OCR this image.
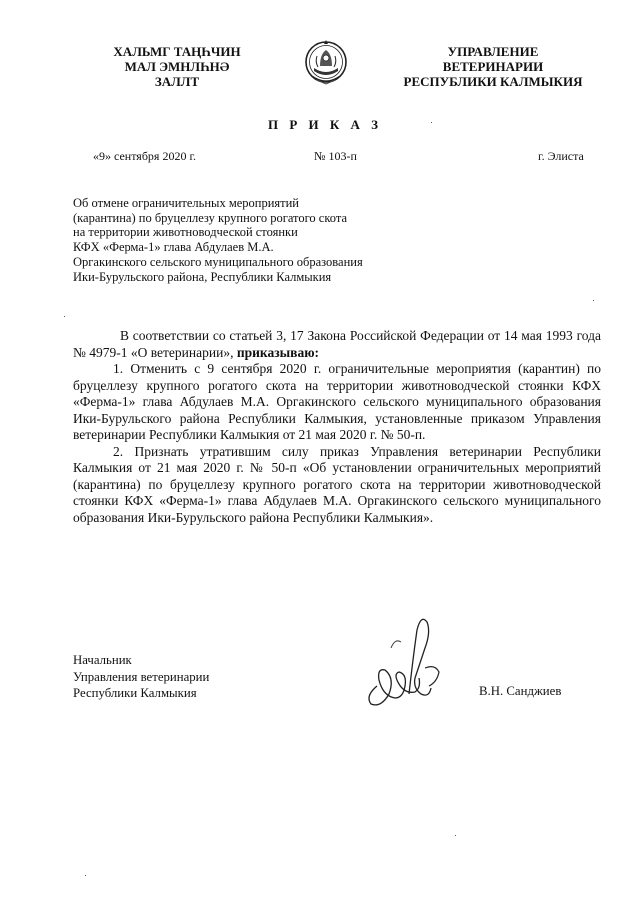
ХАЛЬМГ ТАҢҺЧИН
МАЛ ЭМНЛҺНӘ
ЗАЛЛТ
УПРАВЛЕНИЕ
ВЕТЕРИНАРИИ
РЕСПУБЛИКИ КАЛМЫКИЯ
П Р И К А З
«9» сентября 2020 г.	№ 103-п	г. Элиста
Об отмене ограничительных мероприятий
(карантина) по бруцеллезу крупного рогатого скота
на территории животноводческой стоянки
КФХ «Ферма-1» глава Абдулаев М.А.
Оргакинского сельского муниципального образования
Ики-Бурульского района, Республики Калмыкия

В соответствии со статьей 3, 17 Закона Российской Федерации от 14 мая 1993 года № 4979-1 «О ветеринарии», приказываю:

1. Отменить с 9 сентября 2020 г. ограничительные мероприятия (карантин) по бруцеллезу крупного рогатого скота на территории животноводческой стоянки КФХ «Ферма-1» глава Абдулаев М.А. Оргакинского сельского муниципального образования Ики-Бурульского района Республики Калмыкия, установленные приказом Управления ветеринарии Республики Калмыкия от 21 мая 2020 г. № 50-п.

2. Признать утратившим силу приказ Управления ветеринарии Республики Калмыкия от 21 мая 2020 г. № 50-п «Об установлении ограничительных мероприятий (карантина) по бруцеллезу крупного рогатого скота на территории животноводческой стоянки КФХ «Ферма-1» глава Абдулаев М.А. Оргакинского сельского муниципального образования Ики-Бурульского района Республики Калмыкия».

Начальник
Управления ветеринарии
Республики Калмыкия	В.Н. Санджиев
